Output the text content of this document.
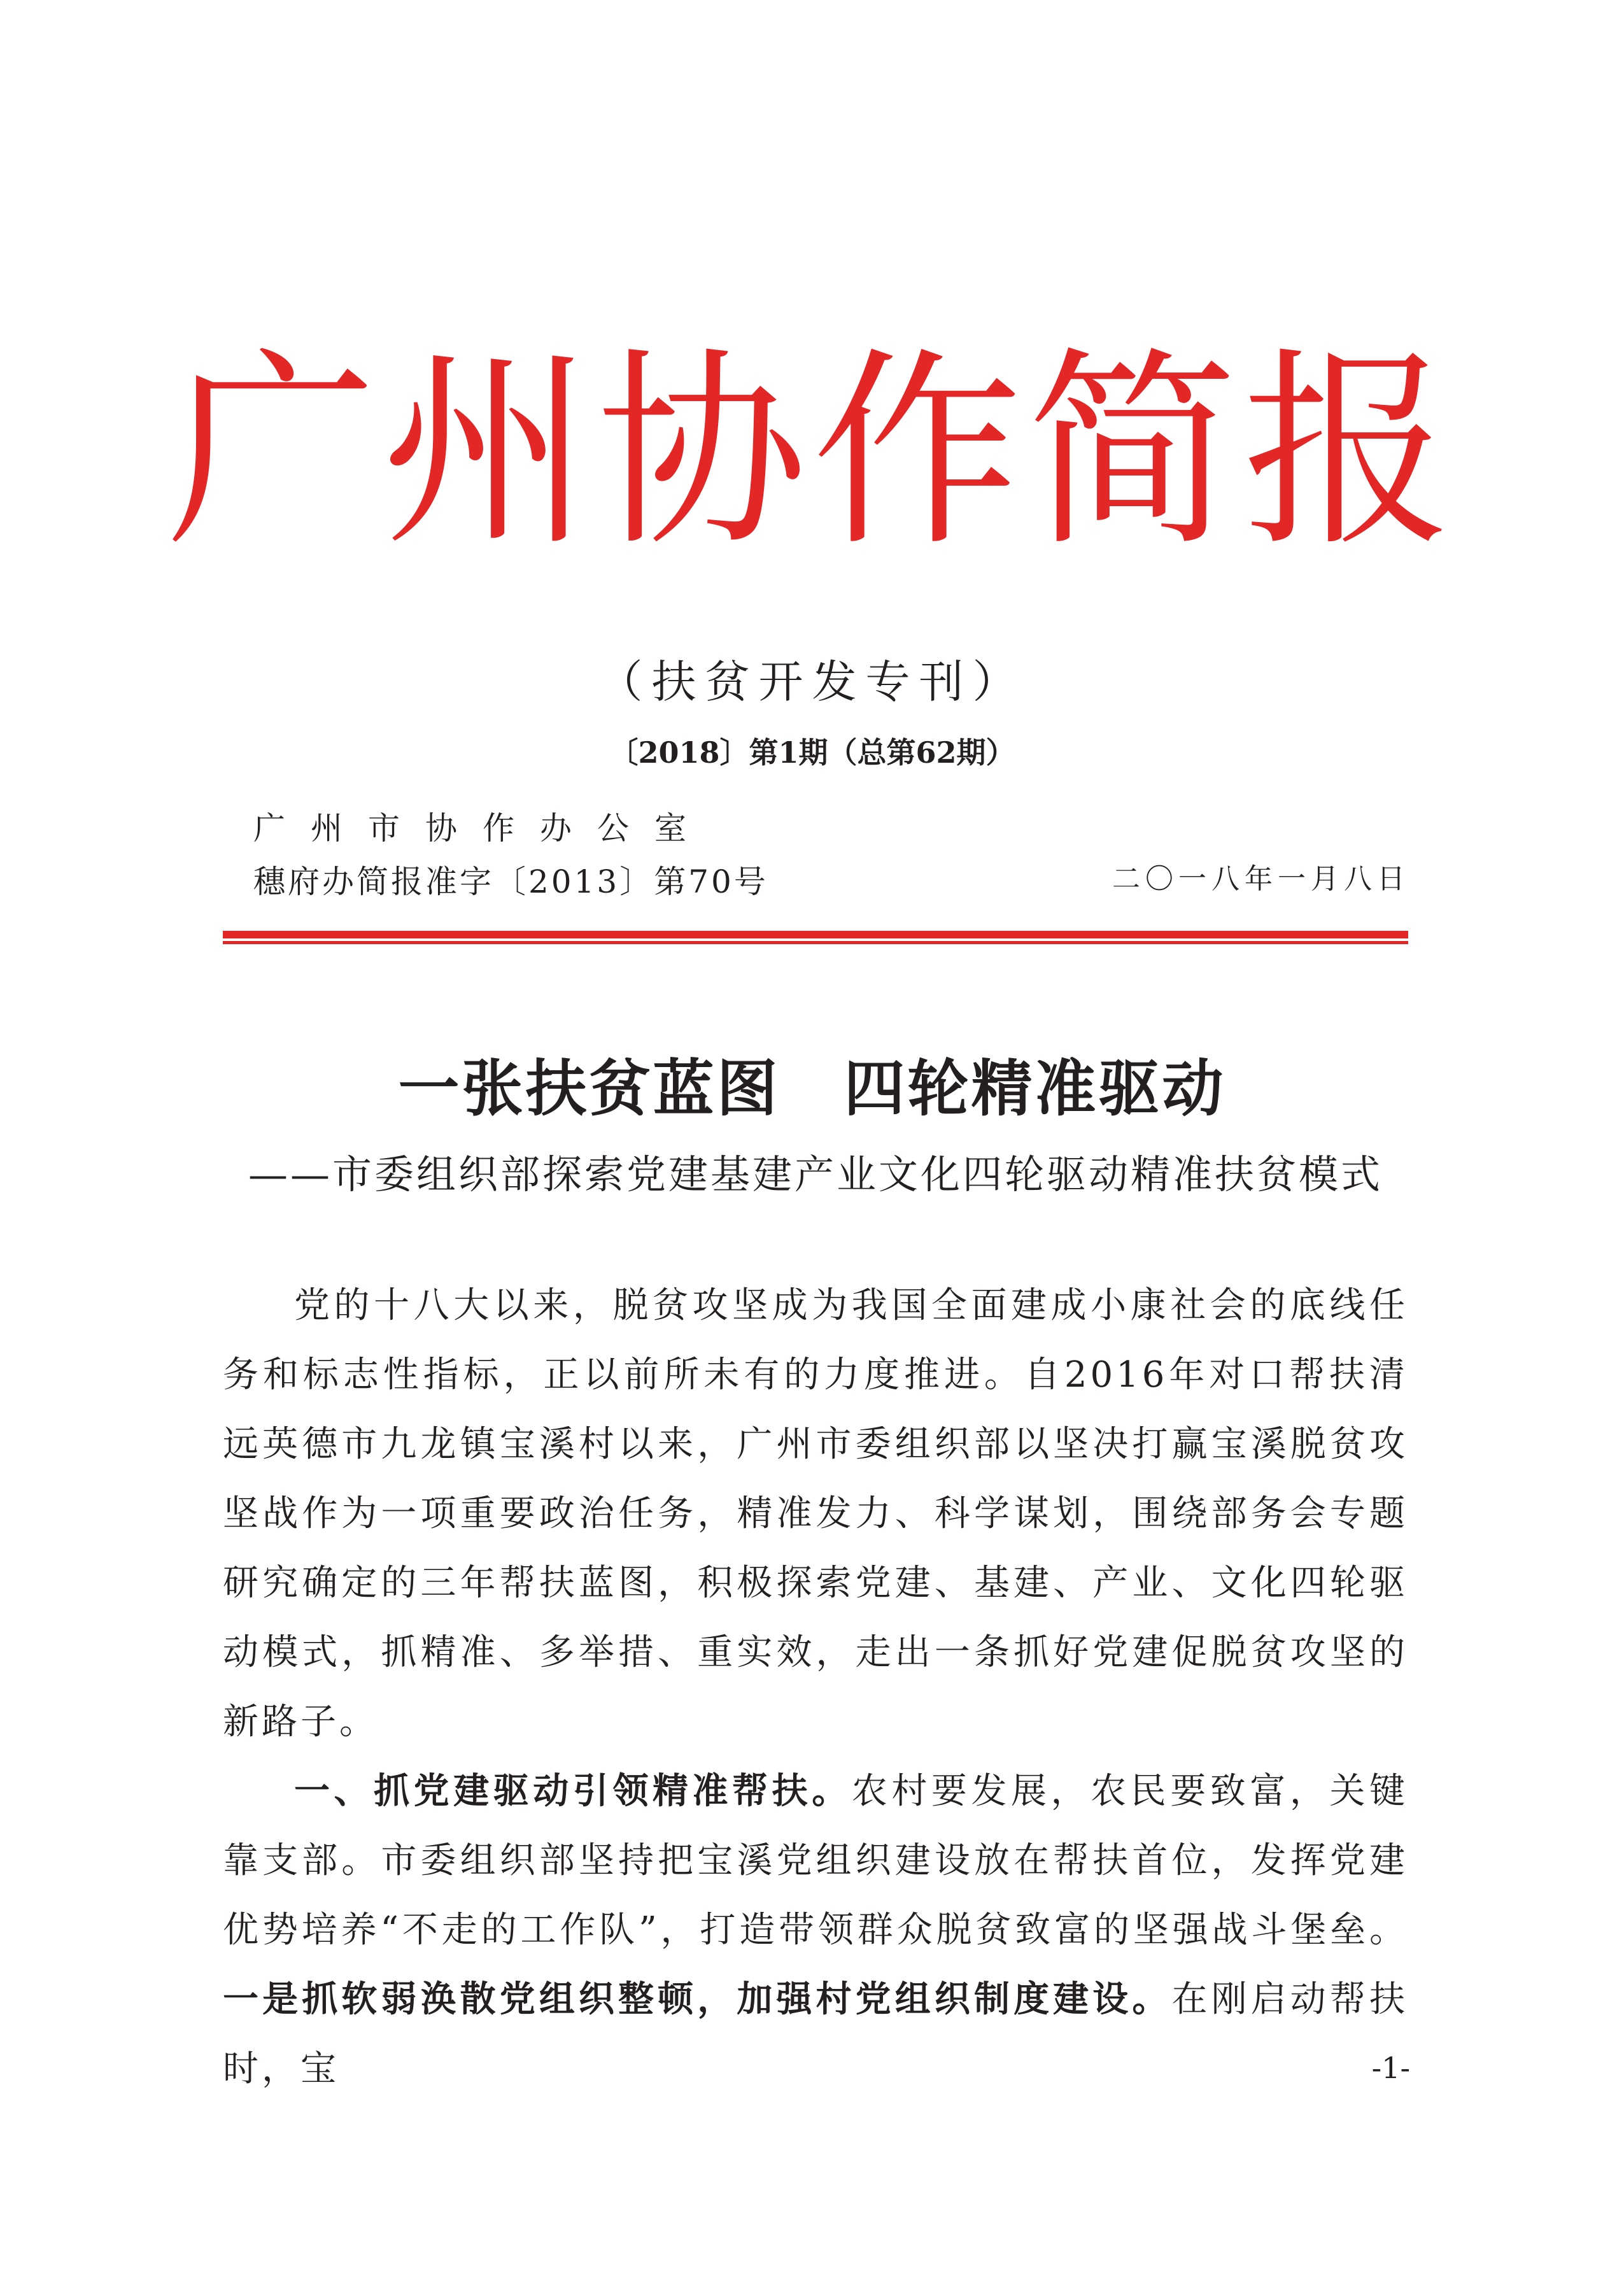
广州协作简报
（扶贫开发专刊）
〔2018〕第1期（总第62期）
广州市协作办公室
穗府办简报准字〔2013〕第70号	二〇一八年一月八日
一张扶贫蓝图　四轮精准驱动
——市委组织部探索党建基建产业文化四轮驱动精准扶贫模式

党的十八大以来，脱贫攻坚成为我国全面建成小康社会的底线任务和标志性指标，正以前所未有的力度推进。自2016年对口帮扶清远英德市九龙镇宝溪村以来，广州市委组织部以坚决打赢宝溪脱贫攻坚战作为一项重要政治任务，精准发力、科学谋划，围绕部务会专题研究确定的三年帮扶蓝图，积极探索党建、基建、产业、文化四轮驱动模式，抓精准、多举措、重实效，走出一条抓好党建促脱贫攻坚的新路子。

一、抓党建驱动引领精准帮扶。农村要发展，农民要致富，关键靠支部。市委组织部坚持把宝溪党组织建设放在帮扶首位，发挥党建优势培养“不走的工作队”，打造带领群众脱贫致富的坚强战斗堡垒。一是抓软弱涣散党组织整顿，加强村党组织制度建设。在刚启动帮扶时，宝	-1-
